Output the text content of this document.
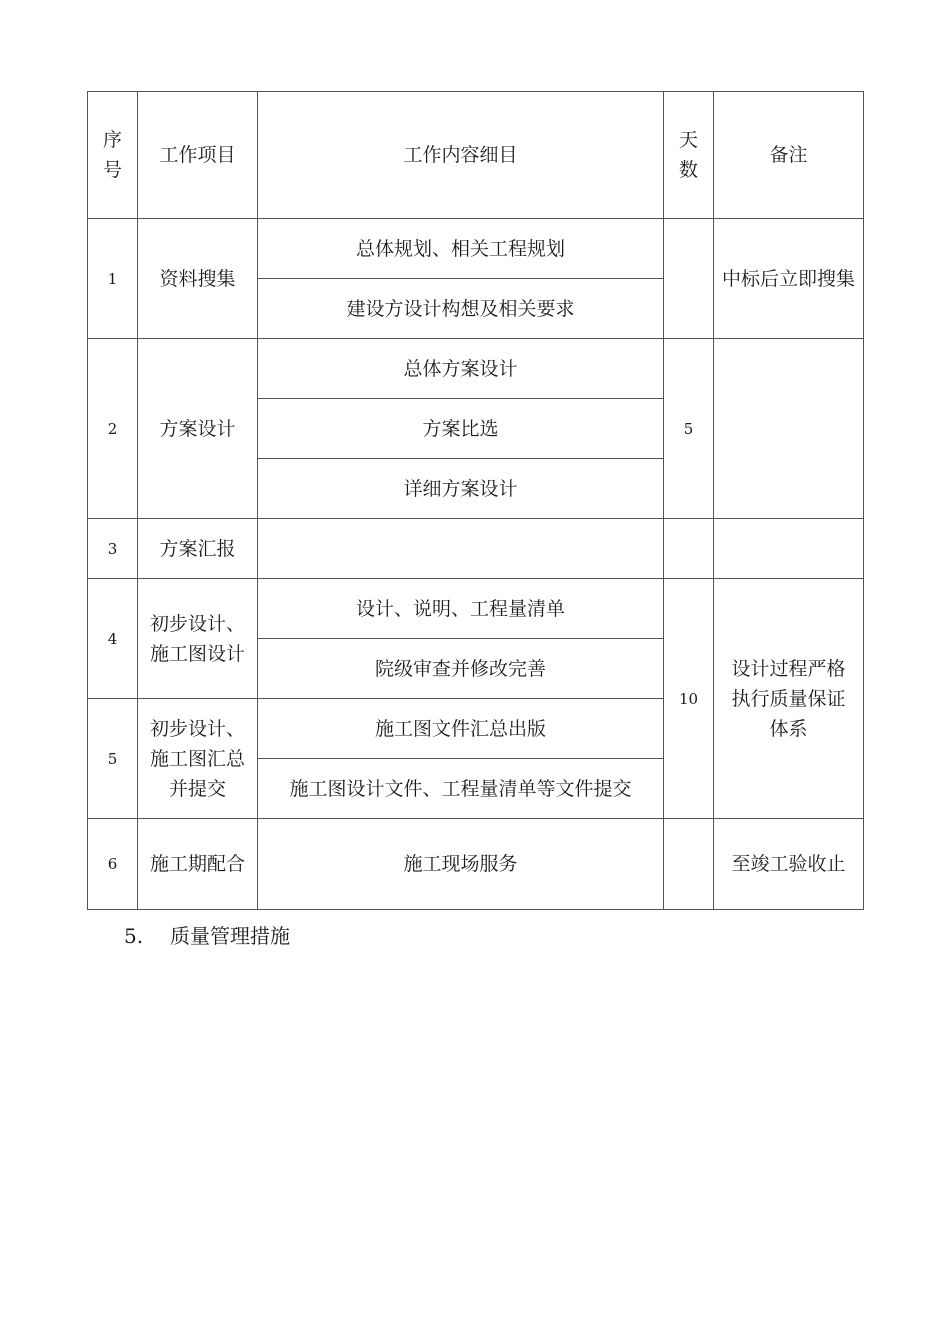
序号	工作项目	工作内容细目	天数	备注
1	资料搜集	总体规划、相关工程规划		中标后立即搜集
		建设方设计构想及相关要求		
2	方案设计	总体方案设计	5	
		方案比选		
		详细方案设计		
3	方案汇报			
4	初步设计、施工图设计	设计、说明、工程量清单	10	设计过程严格执行质量保证体系
		院级审查并修改完善		
5	初步设计、施工图汇总并提交	施工图文件汇总出版		
		施工图设计文件、工程量清单等文件提交		
6	施工期配合	施工现场服务		至竣工验收止
5. 质量管理措施
